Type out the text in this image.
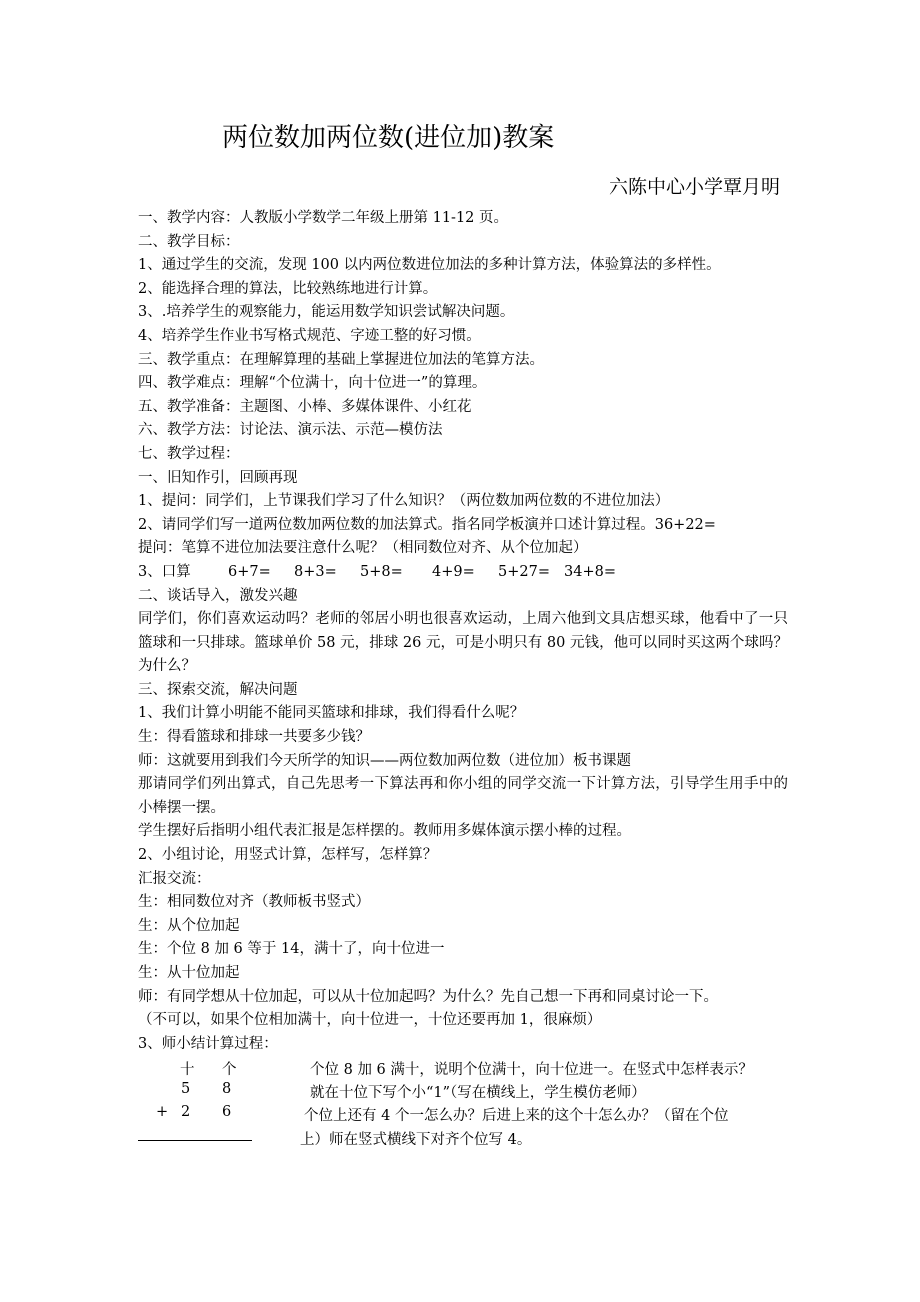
两位数加两位数(进位加)教案
六陈中心小学覃月明
一、教学内容：人教版小学数学二年级上册第 11-12 页。
二、教学目标：
1、通过学生的交流，发现 100 以内两位数进位加法的多种计算方法，体验算法的多样性。
2、能选择合理的算法，比较熟练地进行计算。
3、.培养学生的观察能力，能运用数学知识尝试解决问题。
4、培养学生作业书写格式规范、字迹工整的好习惯。
三、教学重点：在理解算理的基础上掌握进位加法的笔算方法。
四、教学难点：理解“个位满十，向十位进一”的算理。
五、教学准备：主题图、小棒、多媒体课件、小红花
六、教学方法：讨论法、演示法、示范—模仿法
七、教学过程：
一、旧知作引，回顾再现
1、提问：同学们，上节课我们学习了什么知识？（两位数加两位数的不进位加法）
2、请同学们写一道两位数加两位数的加法算式。指名同学板演并口述计算过程。36+22=
提问：笔算不进位加法要注意什么呢？（相同数位对齐、从个位加起）
3、口算	6+7= 8+3= 5+8= 4+9= 5+27= 34+8=
二、谈话导入，激发兴趣
同学们，你们喜欢运动吗？老师的邻居小明也很喜欢运动，上周六他到文具店想买球，他看中了一只篮球和一只排球。篮球单价 58 元，排球 26 元，可是小明只有 80 元钱，他可以同时买这两个球吗？为什么？
三、探索交流，解决问题
1、我们计算小明能不能同买篮球和排球，我们得看什么呢？
生：得看篮球和排球一共要多少钱？
师：这就要用到我们今天所学的知识——两位数加两位数（进位加）板书课题
那请同学们列出算式，自己先思考一下算法再和你小组的同学交流一下计算方法，引导学生用手中的小棒摆一摆。
学生摆好后指明小组代表汇报是怎样摆的。教师用多媒体演示摆小棒的过程。
2、小组讨论，用竖式计算，怎样写，怎样算？
汇报交流：
生：相同数位对齐（教师板书竖式）
生：从个位加起
生：个位 8 加 6 等于 14，满十了，向十位进一
生：从十位加起
师：有同学想从十位加起，可以从十位加起吗？为什么？先自己想一下再和同桌讨论一下。
（不可以，如果个位相加满十，向十位进一，十位还要再加 1，很麻烦）
3、师小结计算过程：
十 个
5 8
+ 2 6
个位 8 加 6 满十，说明个位满十，向十位进一。在竖式中怎样表示？
就在十位下写个小“1”（写在横线上，学生模仿老师）
个位上还有 4 个一怎么办？后进上来的这个十怎么办？（留在个位
上）师在竖式横线下对齐个位写 4。
